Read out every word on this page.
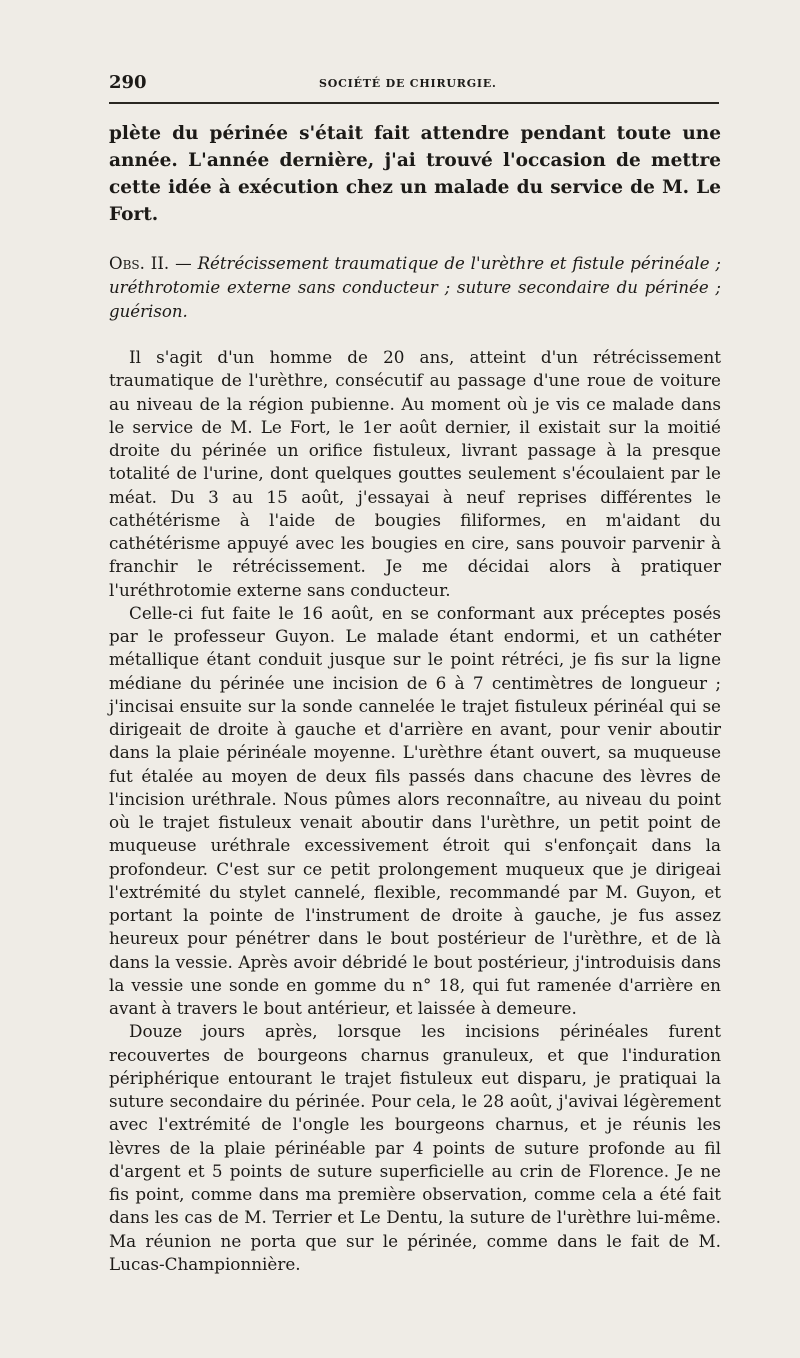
290	SOCIÉTÉ DE CHIRURGIE.

plète du périnée s'était fait attendre pendant toute une année. L'année dernière, j'ai trouvé l'occasion de mettre cette idée à exécution chez un malade du service de M. Le Fort.

Obs. II. — Rétrécissement traumatique de l'urèthre et fistule périnéale ; uréthrotomie externe sans conducteur ; suture secondaire du périnée ; guérison.

Il s'agit d'un homme de 20 ans, atteint d'un rétrécissement traumatique de l'urèthre, consécutif au passage d'une roue de voiture au niveau de la région pubienne. Au moment où je vis ce malade dans le service de M. Le Fort, le 1er août dernier, il existait sur la moitié droite du périnée un orifice fistuleux, livrant passage à la presque totalité de l'urine, dont quelques gouttes seulement s'écoulaient par le méat. Du 3 au 15 août, j'essayai à neuf reprises différentes le cathétérisme à l'aide de bougies filiformes, en m'aidant du cathétérisme appuyé avec les bougies en cire, sans pouvoir parvenir à franchir le rétrécissement. Je me décidai alors à pratiquer l'uréthrotomie externe sans conducteur.

Celle-ci fut faite le 16 août, en se conformant aux préceptes posés par le professeur Guyon. Le malade étant endormi, et un cathéter métallique étant conduit jusque sur le point rétréci, je fis sur la ligne médiane du périnée une incision de 6 à 7 centimètres de longueur ; j'incisai ensuite sur la sonde cannelée le trajet fistuleux périnéal qui se dirigeait de droite à gauche et d'arrière en avant, pour venir aboutir dans la plaie périnéale moyenne. L'urèthre étant ouvert, sa muqueuse fut étalée au moyen de deux fils passés dans chacune des lèvres de l'incision uréthrale. Nous pûmes alors reconnaître, au niveau du point où le trajet fistuleux venait aboutir dans l'urèthre, un petit point de muqueuse uréthrale excessivement étroit qui s'enfonçait dans la profondeur. C'est sur ce petit prolongement muqueux que je dirigeai l'extrémité du stylet cannelé, flexible, recommandé par M. Guyon, et portant la pointe de l'instrument de droite à gauche, je fus assez heureux pour pénétrer dans le bout postérieur de l'urèthre, et de là dans la vessie. Après avoir débridé le bout postérieur, j'introduisis dans la vessie une sonde en gomme du n° 18, qui fut ramenée d'arrière en avant à travers le bout antérieur, et laissée à demeure.

Douze jours après, lorsque les incisions périnéales furent recouvertes de bourgeons charnus granuleux, et que l'induration périphérique entourant le trajet fistuleux eut disparu, je pratiquai la suture secondaire du périnée. Pour cela, le 28 août, j'avivai légèrement avec l'extrémité de l'ongle les bourgeons charnus, et je réunis les lèvres de la plaie périnéable par 4 points de suture profonde au fil d'argent et 5 points de suture superficielle au crin de Florence. Je ne fis point, comme dans ma première observation, comme cela a été fait dans les cas de M. Terrier et Le Dentu, la suture de l'urèthre lui-même. Ma réunion ne porta que sur le périnée, comme dans le fait de M. Lucas-Championnière.
